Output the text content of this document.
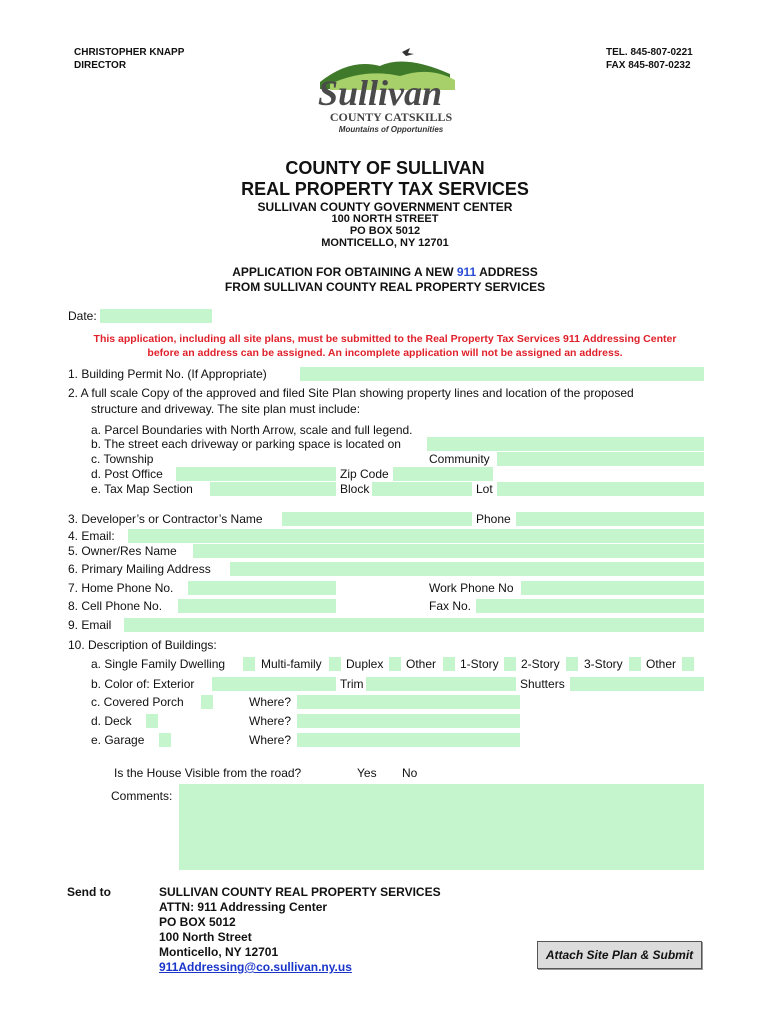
CHRISTOPHER KNAPP
DIRECTOR
TEL. 845-807-0221
FAX 845-807-0232
Sullivan
COUNTY CATSKILLS
Mountains of Opportunities
COUNTY OF SULLIVAN
REAL PROPERTY TAX SERVICES
SULLIVAN COUNTY GOVERNMENT CENTER
100 NORTH STREET
PO BOX 5012
MONTICELLO, NY 12701
APPLICATION FOR OBTAINING A NEW 911 ADDRESS
FROM SULLIVAN COUNTY REAL PROPERTY SERVICES
Date:
This application, including all site plans, must be submitted to the Real Property Tax Services 911 Addressing Center
before an address can be assigned. An incomplete application will not be assigned an address.
1. Building Permit No. (If Appropriate)
2. A full scale Copy of the approved and filed Site Plan showing property lines and location of the proposed
structure and driveway. The site plan must include:
a. Parcel Boundaries with North Arrow, scale and full legend.
b. The street each driveway or parking space is located on
c. Township	Community
d. Post Office	Zip Code
e. Tax Map Section	Block	Lot
3. Developer’s or Contractor’s Name	Phone
4. Email:
5. Owner/Res Name
6. Primary Mailing Address
7. Home Phone No.	Work Phone No
8. Cell Phone No.	Fax No.
9. Email
10. Description of Buildings:
a. Single Family Dwelling	Multi-family Duplex Other 1-Story 2-Story 3-Story Other
b. Color of: Exterior	Trim	Shutters
c. Covered Porch	Where?
d. Deck	Where?
e. Garage	Where?
Is the House Visible from the road?	Yes No
Comments:
Send to	SULLIVAN COUNTY REAL PROPERTY SERVICES
ATTN: 911 Addressing Center
PO BOX 5012
100 North Street
Monticello, NY 12701
911Addressing@co.sullivan.ny.us
Attach Site Plan & Submit
